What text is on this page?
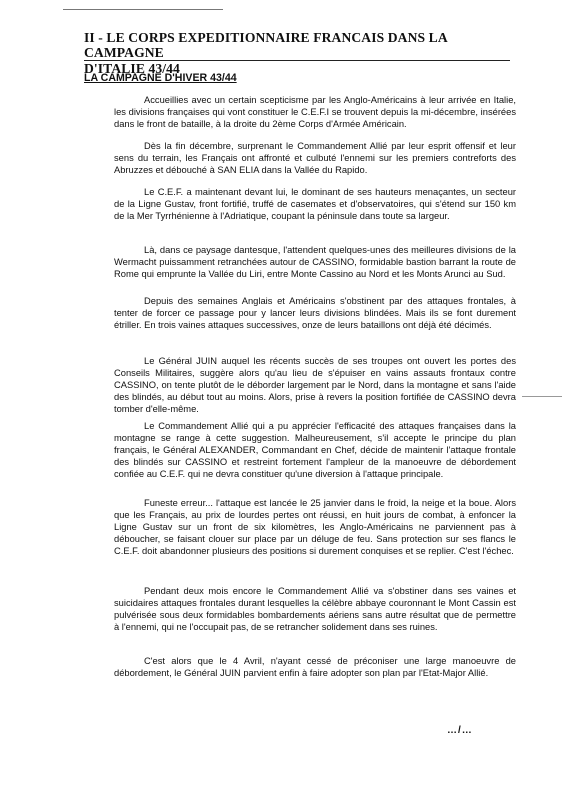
II - LE CORPS EXPEDITIONNAIRE FRANCAIS DANS LA CAMPAGNE
D'ITALIE 43/44
LA CAMPAGNE D'HIVER 43/44

Accueillies avec un certain scepticisme par les Anglo-Américains à leur arrivée en Italie, les divisions françaises qui vont constituer le C.E.F.I se trouvent depuis la mi-décembre, insérées dans le front de bataille, à la droite du 2ème Corps d'Armée Américain.

Dès la fin décembre, surprenant le Commandement Allié par leur esprit offensif et leur sens du terrain, les Français ont affronté et culbuté l'ennemi sur les premiers contreforts des Abruzzes et débouché à SAN ELIA dans la Vallée du Rapido.

Le C.E.F. a maintenant devant lui, le dominant de ses hauteurs menaçantes, un secteur de la Ligne Gustav, front fortifié, truffé de casemates et d'observatoires, qui s'étend sur 150 km de la Mer Tyrrhénienne à l'Adriatique, coupant la péninsule dans toute sa largeur.

Là, dans ce paysage dantesque, l'attendent quelques-unes des meilleures divisions de la Wermacht puissamment retranchées autour de CASSINO, formidable bastion barrant la route de Rome qui emprunte la Vallée du Liri, entre Monte Cassino au Nord et les Monts Arunci au Sud.

Depuis des semaines Anglais et Américains s'obstinent par des attaques frontales, à tenter de forcer ce passage pour y lancer leurs divisions blindées. Mais ils se font durement étriller. En trois vaines attaques successives, onze de leurs bataillons ont déjà été décimés.

Le Général JUIN auquel les récents succès de ses troupes ont ouvert les portes des Conseils Militaires, suggère alors qu'au lieu de s'épuiser en vains assauts frontaux contre CASSINO, on tente plutôt de le déborder largement par le Nord, dans la montagne et sans l'aide des blindés, au début tout au moins. Alors, prise à revers la position fortifiée de CASSINO devra tomber d'elle-même.

Le Commandement Allié qui a pu apprécier l'efficacité des attaques françaises dans la montagne se range à cette suggestion. Malheureusement, s'il accepte le principe du plan français, le Général ALEXANDER, Commandant en Chef, décide de maintenir l'attaque frontale des blindés sur CASSINO et restreint fortement l'ampleur de la manoeuvre de débordement confiée au C.E.F. qui ne devra constituer qu'une diversion à l'attaque principale.

Funeste erreur... l'attaque est lancée le 25 janvier dans le froid, la neige et la boue. Alors que les Français, au prix de lourdes pertes ont réussi, en huit jours de combat, à enfoncer la Ligne Gustav sur un front de six kilomètres, les Anglo-Américains ne parviennent pas à déboucher, se faisant clouer sur place par un déluge de feu. Sans protection sur ses flancs le C.E.F. doit abandonner plusieurs des positions si durement conquises et se replier. C'est l'échec.

Pendant deux mois encore le Commandement Allié va s'obstiner dans ses vaines et suicidaires attaques frontales durant lesquelles la célèbre abbaye couronnant le Mont Cassin est pulvérisée sous deux formidables bombardements aériens sans autre résultat que de permettre à l'ennemi, qui ne l'occupait pas, de se retrancher solidement dans ses ruines.

C'est alors que le 4 Avril, n'ayant cessé de préconiser une large manoeuvre de débordement, le Général JUIN parvient enfin à faire adopter son plan par l'Etat-Major Allié.

…/…
